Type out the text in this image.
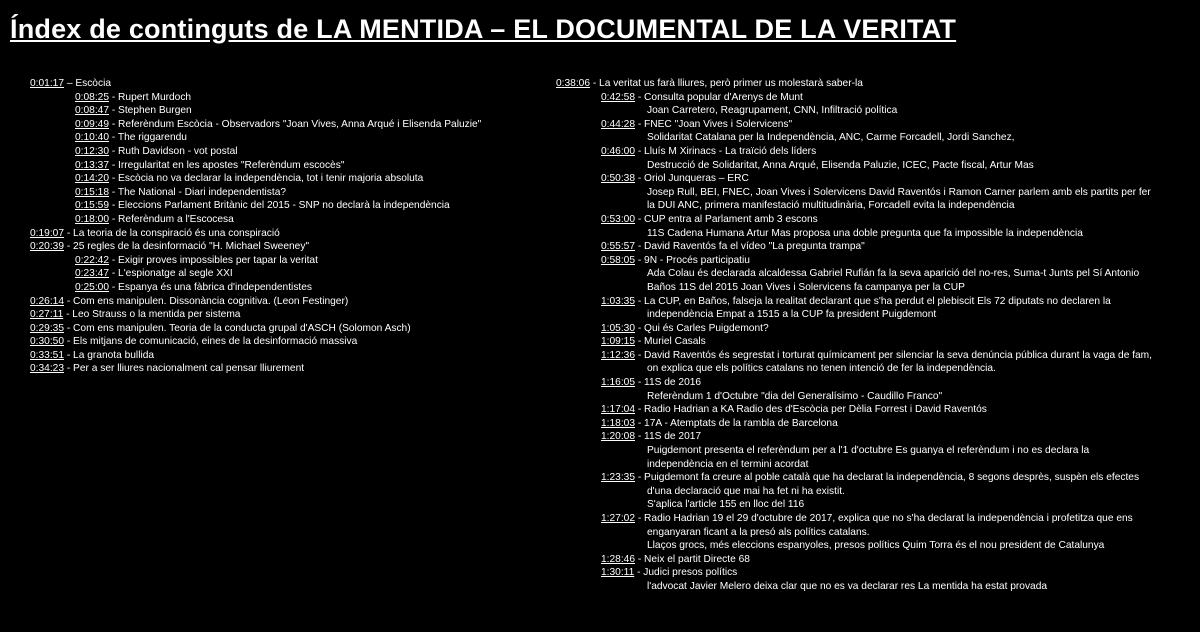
Índex de continguts de LA MENTIDA – EL DOCUMENTAL DE LA VERITAT
0:01:17 – Escòcia
0:08:25 - Rupert Murdoch
0:08:47 - Stephen Burgen
0:09:49 - Referèndum Escòcia - Observadors "Joan Vives, Anna Arqué i Elisenda Paluzie"
0:10:40 - The riggarendu
0:12:30 - Ruth Davidson - vot postal
0:13:37 - Irregularitat en les apostes "Referèndum escocès"
0:14:20 - Escòcia no va declarar la independència, tot i tenir majoria absoluta
0:15:18 - The National - Diari independentista?
0:15:59 - Eleccions Parlament Britànic del 2015 - SNP no declarà la independència
0:18:00 - Referèndum a l'Escocesa
0:19:07 - La teoria de la conspiració és una conspiració
0:20:39 - 25 regles de la desinformació "H. Michael Sweeney"
0:22:42 - Exigir proves impossibles per tapar la veritat
0:23:47 - L'espionatge al segle XXI
0:25:00 - Espanya és una fàbrica d'independentistes
0:26:14 - Com ens manipulen. Dissonància cognitiva. (Leon Festinger)
0:27:11 - Leo Strauss o la mentida per sistema
0:29:35 - Com ens manipulen. Teoria de la conducta grupal d'ASCH (Solomon Asch)
0:30:50 - Els mitjans de comunicació, eines de la desinformació massiva
0:33:51 - La granota bullida
0:34:23 - Per a ser lliures nacionalment cal pensar lliurement
0:38:06 - La veritat us farà lliures, però primer us molestarà saber-la
0:42:58 - Consulta popular d'Arenys de Munt
Joan Carretero, Reagrupament, CNN, Infiltració política
0:44:28 - FNEC "Joan Vives i Solervicens"
Solidaritat Catalana per la Independència, ANC, Carme Forcadell, Jordi Sanchez,
0:46:00 - Lluís M Xirinacs - La traïció dels líders
Destrucció de Solidaritat, Anna Arqué, Elisenda Paluzie, ICEC, Pacte fiscal, Artur Mas
0:50:38 - Oriol Junqueras – ERC
Josep Rull, BEI, FNEC, Joan Vives i Solervicens David Raventós i Ramon Carner parlem amb els partits per fer
la DUI ANC, primera manifestació multitudinària, Forcadell evita la independència
0:53:00 - CUP entra al Parlament amb 3 escons
11S Cadena Humana Artur Mas proposa una doble pregunta que fa impossible la independència
0:55:57 - David Raventós fa el vídeo "La pregunta trampa"
0:58:05 - 9N - Procés participatiu
Ada Colau és declarada alcaldessa Gabriel Rufián fa la seva aparició del no-res, Suma-t Junts pel Sí Antonio
Baños 11S del 2015 Joan Vives i Solervicens fa campanya per la CUP
1:03:35 - La CUP, en Baños, falseja la realitat declarant que s'ha perdut el plebiscit Els 72 diputats no declaren la
independència Empat a 1515 a la CUP fa president Puigdemont
1:05:30 - Qui és Carles Puigdemont?
1:09:15 - Muriel Casals
1:12:36 - David Raventós és segrestat i torturat químicament per silenciar la seva denúncia pública durant la vaga de fam,
on explica que els polítics catalans no tenen intenció de fer la independència.
1:16:05 - 11S de 2016
Referèndum 1 d'Octubre "dia del Generalísimo - Caudillo Franco"
1:17:04 - Radio Hadrian a KA Radio des d'Escòcia per Dèlia Forrest i David Raventós
1:18:03 - 17A - Atemptats de la rambla de Barcelona
1:20:08 - 11S de 2017
Puigdemont presenta el referèndum per a l'1 d'octubre Es guanya el referèndum i no es declara la
independència en el termini acordat
1:23:35 - Puigdemont fa creure al poble català que ha declarat la independència, 8 segons desprès, suspèn els efectes
d'una declaració que mai ha fet ni ha existit.
S'aplica l'article 155 en lloc del 116
1:27:02 - Radio Hadrian 19 el 29 d'octubre de 2017, explica que no s'ha declarat la independència i profetitza que ens
enganyaran ficant a la presó als polítics catalans.
Llaços grocs, més eleccions espanyoles, presos polítics Quim Torra és el nou president de Catalunya
1:28:46 - Neix el partit Directe 68
1:30:11 - Judici presos polítics
l'advocat Javier Melero deixa clar que no es va declarar res La mentida ha estat provada
